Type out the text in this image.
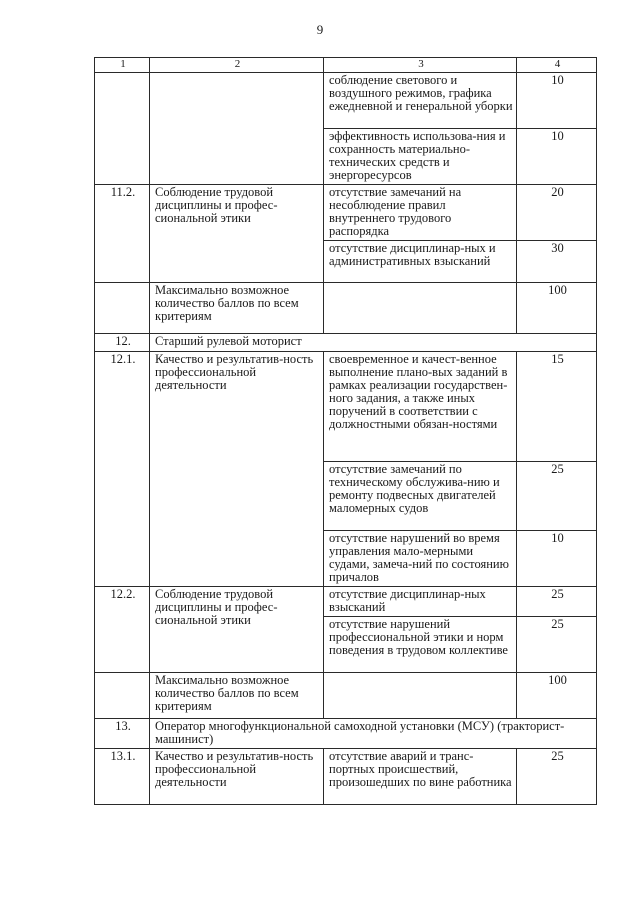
9
1	2	3	4
		соблюдение светового и воздушного режимов, графика ежедневной и генеральной уборки	10
		эффективность использова-ния и сохранность материально-технических средств и энергоресурсов	10
11.2.	Соблюдение трудовой дисциплины и профес-сиональной этики	отсутствие замечаний на несоблюдение правил внутреннего трудового распорядка	20
		отсутствие дисциплинар-ных и административных взысканий	30
	Максимально возможное количество баллов по всем критериям		100
12.	Старший рулевой моторист		
12.1.	Качество и результатив-ность профессиональной деятельности	своевременное и качест-венное выполнение плано-вых заданий в рамках реализации государствен-ного задания, а также иных поручений в соответствии с должностными обязан-ностями	15
		отсутствие замечаний по техническому обслужива-нию и ремонту подвесных двигателей маломерных судов	25
		отсутствие нарушений во время управления мало-мерными судами, замеча-ний по состоянию причалов	10
12.2.	Соблюдение трудовой дисциплины и профес-сиональной этики	отсутствие дисциплинар-ных взысканий	25
		отсутствие нарушений профессиональной этики и норм поведения в трудовом коллективе	25
	Максимально возможное количество баллов по всем критериям		100
13.	Оператор многофункциональной самоходной установки (МСУ) (тракторист-машинист)		
13.1.	Качество и результатив-ность профессиональной деятельности	отсутствие аварий и транс-портных происшествий, произошедших по вине работника	25
